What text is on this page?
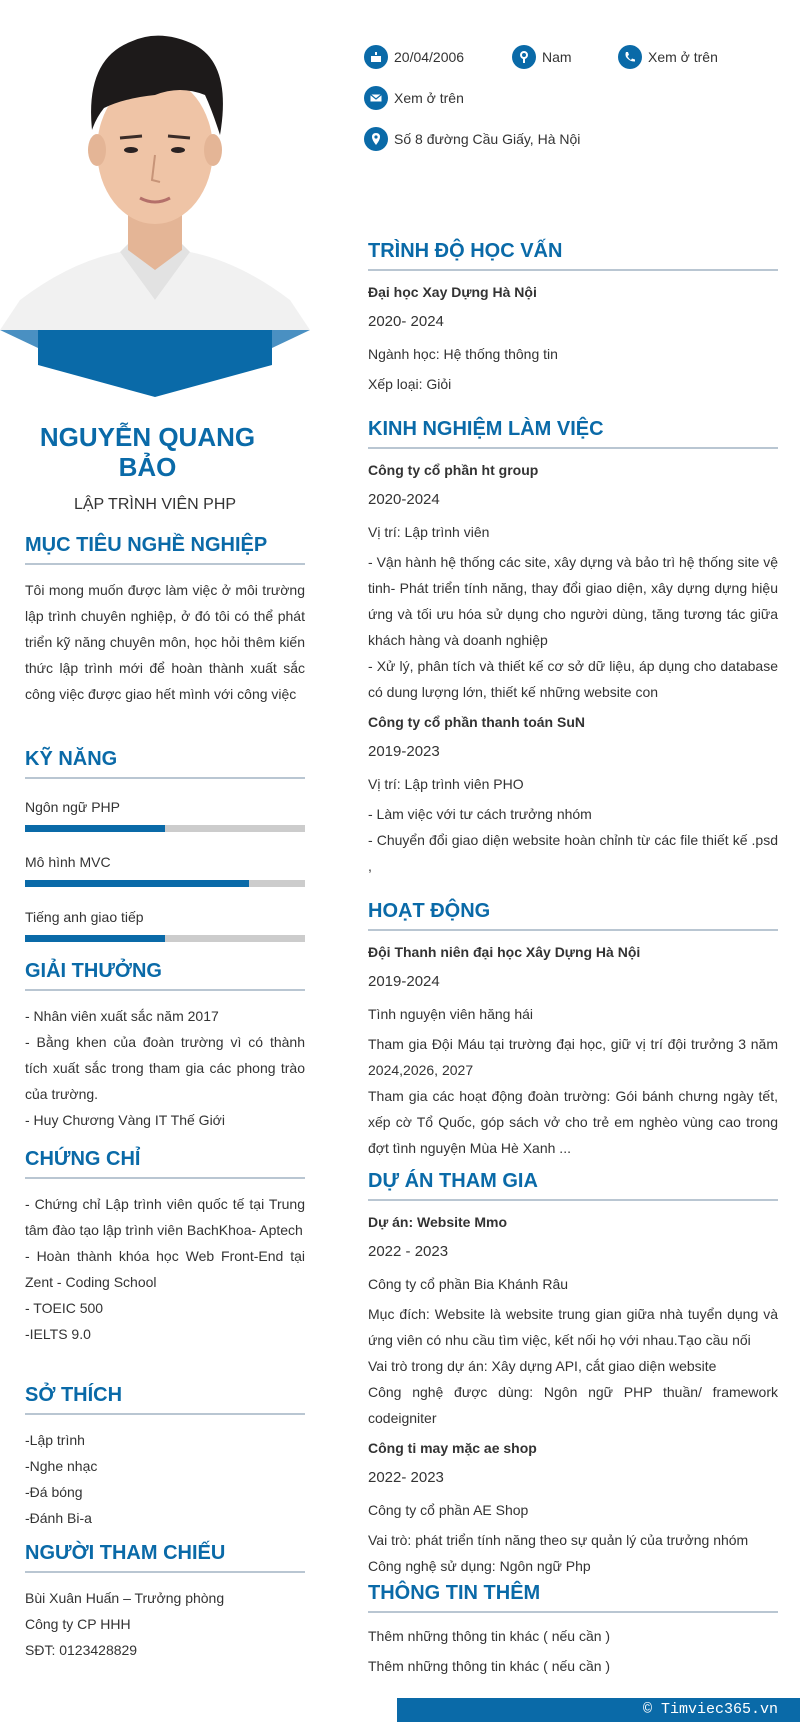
NGUYỄN QUANG BẢO
LẬP TRÌNH VIÊN PHP
MỤC TIÊU NGHỀ NGHIỆP

Tôi mong muốn được làm việc ở môi trường lập trình chuyên nghiệp, ở đó tôi có thể phát triển kỹ năng chuyên môn, học hỏi thêm kiến thức lập trình mới để hoàn thành xuất sắc công việc được giao hết mình với công việc

KỸ NĂNG

Ngôn ngữ PHP

Mô hình MVC

Tiếng anh giao tiếp

GIẢI THƯỞNG

- Nhân viên xuất sắc năm 2017

- Bằng khen của đoàn trường vì có thành tích xuất sắc trong tham gia các phong trào của trường.

- Huy Chương Vàng IT Thế Giới

CHỨNG CHỈ

- Chứng chỉ Lập trình viên quốc tế tại Trung tâm đào tạo lập trình viên BachKhoa- Aptech

- Hoàn thành khóa học Web Front-End tại Zent - Coding School

- TOEIC 500

-IELTS 9.0

SỞ THÍCH

-Lập trình

-Nghe nhạc

-Đá bóng

-Đánh Bi-a

NGƯỜI THAM CHIẾU

Bùi Xuân Huấn – Trưởng phòng

Công ty CP HHH

SĐT: 0123428829

20/04/2006	Nam	Xem ở trên
Xem ở trên
Số 8 đường Cầu Giấy, Hà Nội
TRÌNH ĐỘ HỌC VẤN

Đại học Xay Dựng Hà Nội

2020- 2024

Ngành học: Hệ thống thông tin

Xếp loại: Giỏi

KINH NGHIỆM LÀM VIỆC

Công ty cổ phần ht group

2020-2024

Vị trí: Lập trình viên

- Vận hành hệ thống các site, xây dựng và bảo trì hệ thống site vệ tinh- Phát triển tính năng, thay đổi giao diện, xây dựng dựng hiệu ứng và tối ưu hóa sử dụng cho người dùng, tăng tương tác giữa khách hàng và doanh nghiệp

- Xử lý, phân tích và thiết kế cơ sở dữ liệu, áp dụng cho database có dung lượng lớn, thiết kế những website con

Công ty cổ phần thanh toán SuN

2019-2023

Vị trí: Lập trình viên PHO

- Làm việc với tư cách trưởng nhóm

- Chuyển đổi giao diện website hoàn chỉnh từ các file thiết kế .psd ,

HOẠT ĐỘNG

Đội Thanh niên đại học Xây Dựng Hà Nội

2019-2024

Tình nguyện viên hăng hái

Tham gia Đội Máu tại trường đại học, giữ vị trí đội trưởng 3 năm 2024,2026, 2027

Tham gia các hoạt động đoàn trường: Gói bánh chưng ngày tết, xếp cờ Tổ Quốc, góp sách vở cho trẻ em nghèo vùng cao trong đợt tình nguyện Mùa Hè Xanh ...

DỰ ÁN THAM GIA

Dự án: Website Mmo

2022 - 2023

Công ty cổ phần Bia Khánh Râu

Mục đích: Website là website trung gian giữa nhà tuyển dụng và ứng viên có nhu cầu tìm việc, kết nối họ với nhau.Tạo cầu nối

Vai trò trong dự án: Xây dựng API, cắt giao diện website

Công nghệ được dùng: Ngôn ngữ PHP thuần/ framework codeigniter

Công ti may mặc ae shop

2022- 2023

Công ty cổ phần AE Shop

Vai trò: phát triển tính năng theo sự quản lý của trưởng nhóm

Công nghệ sử dụng: Ngôn ngữ Php

THÔNG TIN THÊM

Thêm những thông tin khác ( nếu cần )

Thêm những thông tin khác ( nếu cần )

© Timviec365.vn
